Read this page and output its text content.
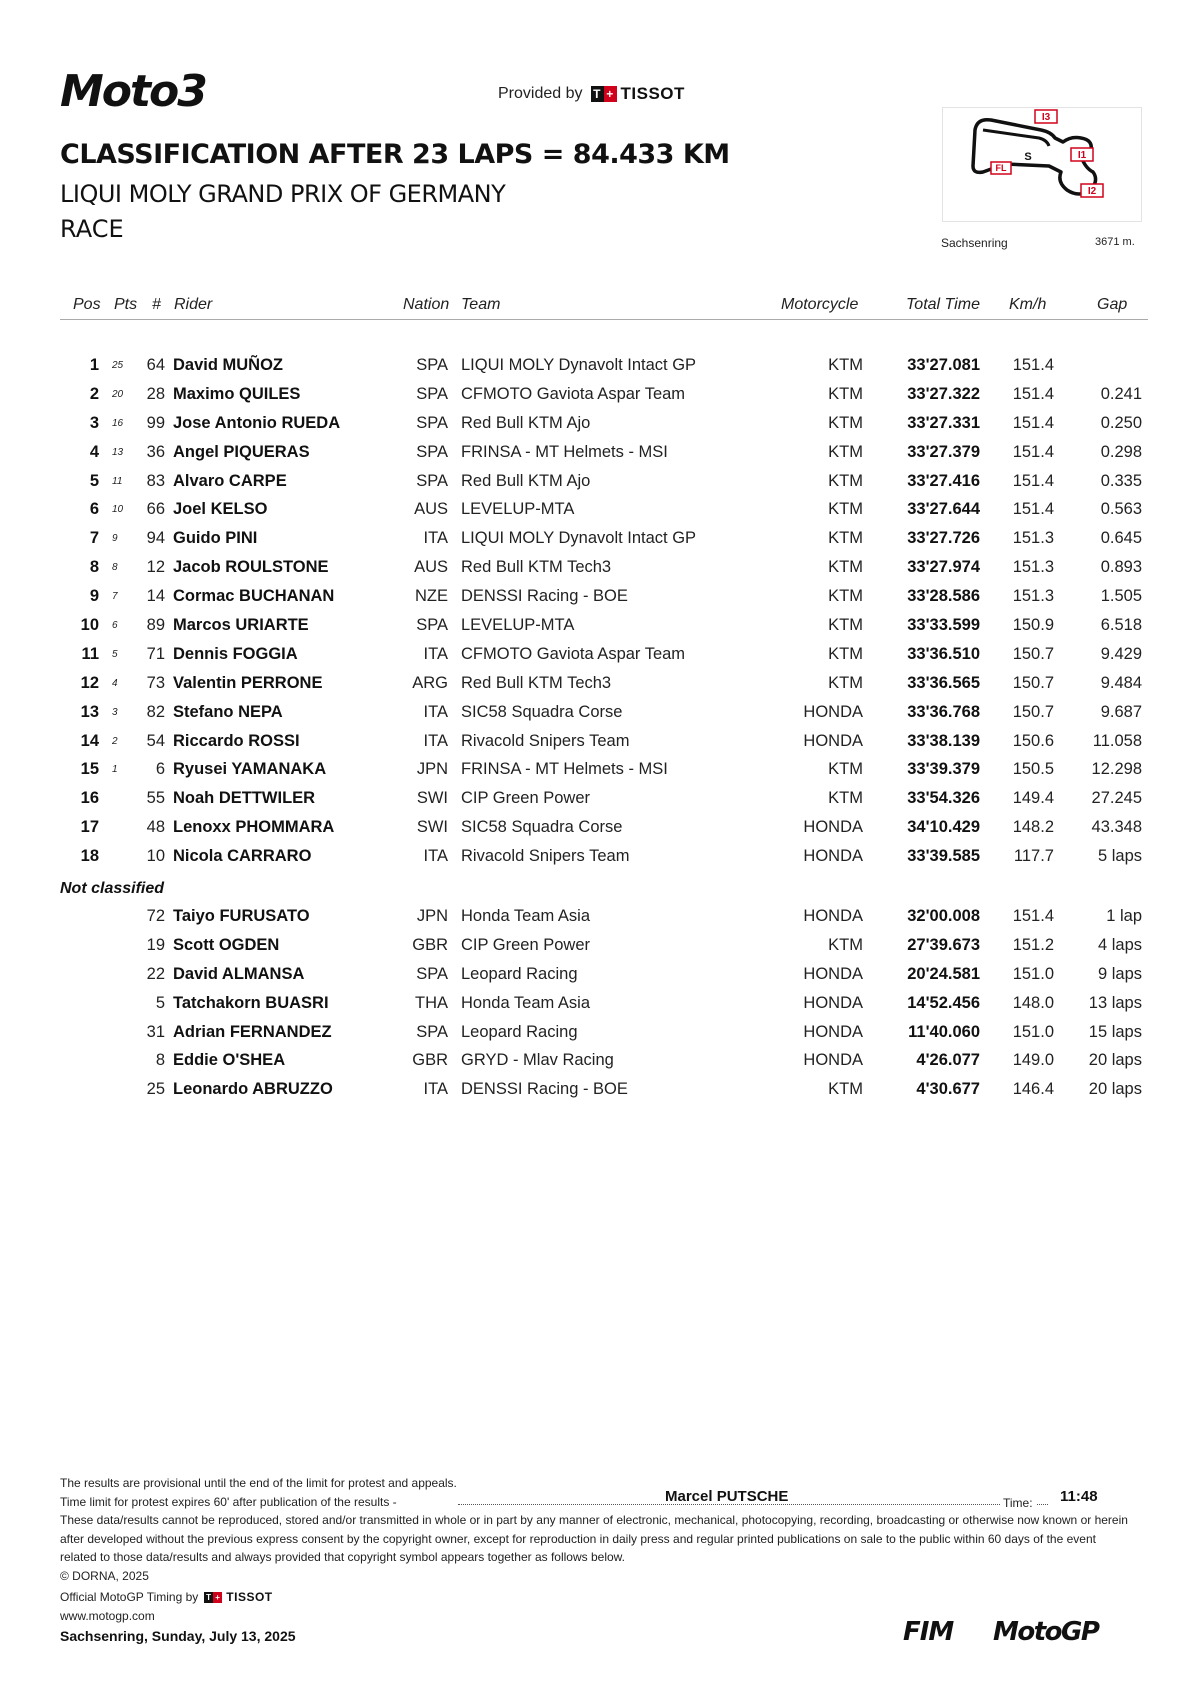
Moto3	Provided by T + TISSOT
CLASSIFICATION AFTER 23 LAPS = 84.433 KM
LIQUI MOLY GRAND PRIX OF GERMANY
RACE
I3
I1
I2
FL
S
Sachsenring	3671 m.
Pos Pts # Rider	Nation Team	Motorcycle	Total Time Km/h	Gap
1 25	64 David MUÑOZ	SPA LIQUI MOLY Dynavolt Intact GP	KTM	33'27.081 151.4
2 20	28 Maximo QUILES	SPA CFMOTO Gaviota Aspar Team	KTM	33'27.322 151.4	0.241
3 16	99 Jose Antonio RUEDA	SPA Red Bull KTM Ajo	KTM	33'27.331 151.4	0.250
4 13	36 Angel PIQUERAS	SPA FRINSA - MT Helmets - MSI	KTM	33'27.379 151.4	0.298
5 11	83 Alvaro CARPE	SPA Red Bull KTM Ajo	KTM	33'27.416 151.4	0.335
6 10	66 Joel KELSO	AUS LEVELUP-MTA	KTM	33'27.644 151.4	0.563
7 9	94 Guido PINI	ITA LIQUI MOLY Dynavolt Intact GP	KTM	33'27.726 151.3	0.645
8 8	12 Jacob ROULSTONE	AUS Red Bull KTM Tech3	KTM	33'27.974 151.3	0.893
9 7	14 Cormac BUCHANAN	NZE DENSSI Racing - BOE	KTM	33'28.586 151.3	1.505
10 6	89 Marcos URIARTE	SPA LEVELUP-MTA	KTM	33'33.599 150.9	6.518
11 5	71 Dennis FOGGIA	ITA CFMOTO Gaviota Aspar Team	KTM	33'36.510 150.7	9.429
12 4	73 Valentin PERRONE	ARG Red Bull KTM Tech3	KTM	33'36.565 150.7	9.484
13 3	82 Stefano NEPA	ITA SIC58 Squadra Corse	HONDA	33'36.768 150.7	9.687
14 2	54 Riccardo ROSSI	ITA Rivacold Snipers Team	HONDA	33'38.139 150.6 11.058
15 1	6 Ryusei YAMANAKA	JPN FRINSA - MT Helmets - MSI	KTM	33'39.379 150.5 12.298
16	55 Noah DETTWILER	SWI CIP Green Power	KTM	33'54.326 149.4 27.245
17	48 Lenoxx PHOMMARA	SWI SIC58 Squadra Corse	HONDA	34'10.429 148.2 43.348
18	10 Nicola CARRARO	ITA Rivacold Snipers Team	HONDA	33'39.585 117.7	5 laps
Not classified
72 Taiyo FURUSATO	JPN Honda Team Asia	HONDA	32'00.008 151.4	1 lap
19 Scott OGDEN	GBR CIP Green Power	KTM	27'39.673 151.2	4 laps
22 David ALMANSA	SPA Leopard Racing	HONDA	20'24.581 151.0	9 laps
5 Tatchakorn BUASRI	THA Honda Team Asia	HONDA	14'52.456 148.0 13 laps
31 Adrian FERNANDEZ	SPA Leopard Racing	HONDA	11'40.060 151.0 15 laps
8 Eddie O'SHEA	GBR GRYD - Mlav Racing	HONDA	4'26.077 149.0 20 laps
25 Leonardo ABRUZZO	ITA DENSSI Racing - BOE	KTM	4'30.677 146.4 20 laps
The results are provisional until the end of the limit for protest and appeals.
Time limit for protest expires 60' after publication of the results -	Marcel PUTSCHE	Time: 11:48
These data/results cannot be reproduced, stored and/or transmitted in whole or in part by any manner of electronic, mechanical, photocopying, recording, broadcasting or otherwise now known or herein after developed without the previous express consent by the copyright owner, except for reproduction in daily press and regular printed publications on sale to the public within 60 days of the event related to those data/results and always provided that copyright symbol appears together as follows below.
© DORNA, 2025
Official MotoGP Timing by T + TISSOT
www.motogp.com
Sachsenring, Sunday, July 13, 2025	FIM MotoGP
